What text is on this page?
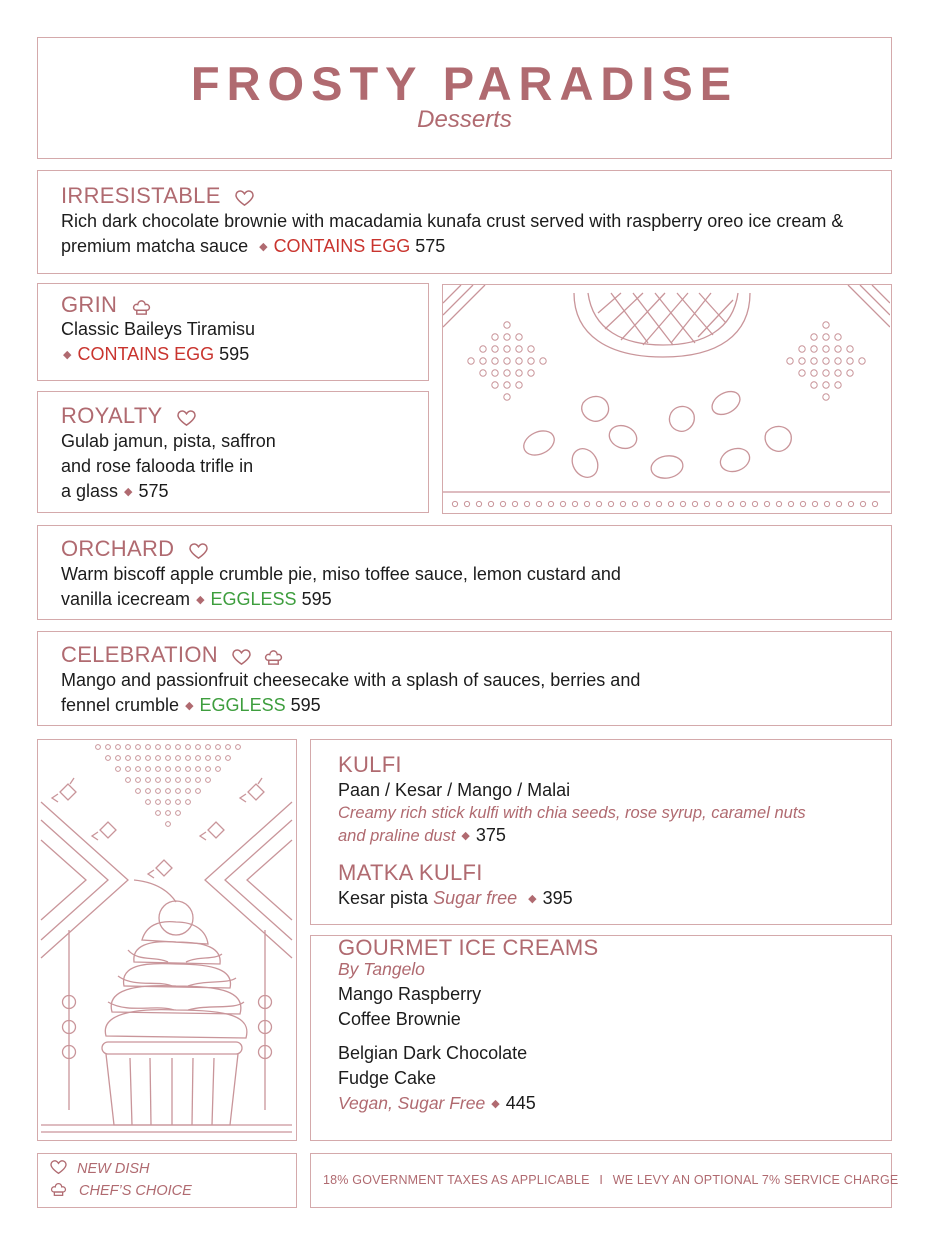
FROSTY PARADISE
Desserts
IRRESISTABLE
Rich dark chocolate brownie with macadamia kunafa crust served with raspberry oreo ice cream & premium matcha sauce ◆ CONTAINS EGG 575
GRIN
Classic Baileys Tiramisu
◆ CONTAINS EGG 595
ROYALTY
Gulab jamun, pista, saffron
and rose falooda trifle in
a glass ◆ 575
ORCHARD
Warm biscoff apple crumble pie, miso toffee sauce, lemon custard and
vanilla icecream ◆ EGGLESS 595
CELEBRATION
Mango and passionfruit cheesecake with a splash of sauces, berries and
fennel crumble ◆ EGGLESS 595
KULFI
Paan / Kesar / Mango / Malai
Creamy rich stick kulfi with chia seeds, rose syrup, caramel nuts
and praline dust ◆ 375
MATKA KULFI
Kesar pista Sugar free ◆ 395
GOURMET ICE CREAMS
By Tangelo
Mango Raspberry
Coffee Brownie
Belgian Dark Chocolate
Fudge Cake
Vegan, Sugar Free ◆ 445
NEW DISH
CHEF’S CHOICE
18% GOVERNMENT TAXES AS APPLICABLE I WE LEVY AN OPTIONAL 7% SERVICE CHARGE
